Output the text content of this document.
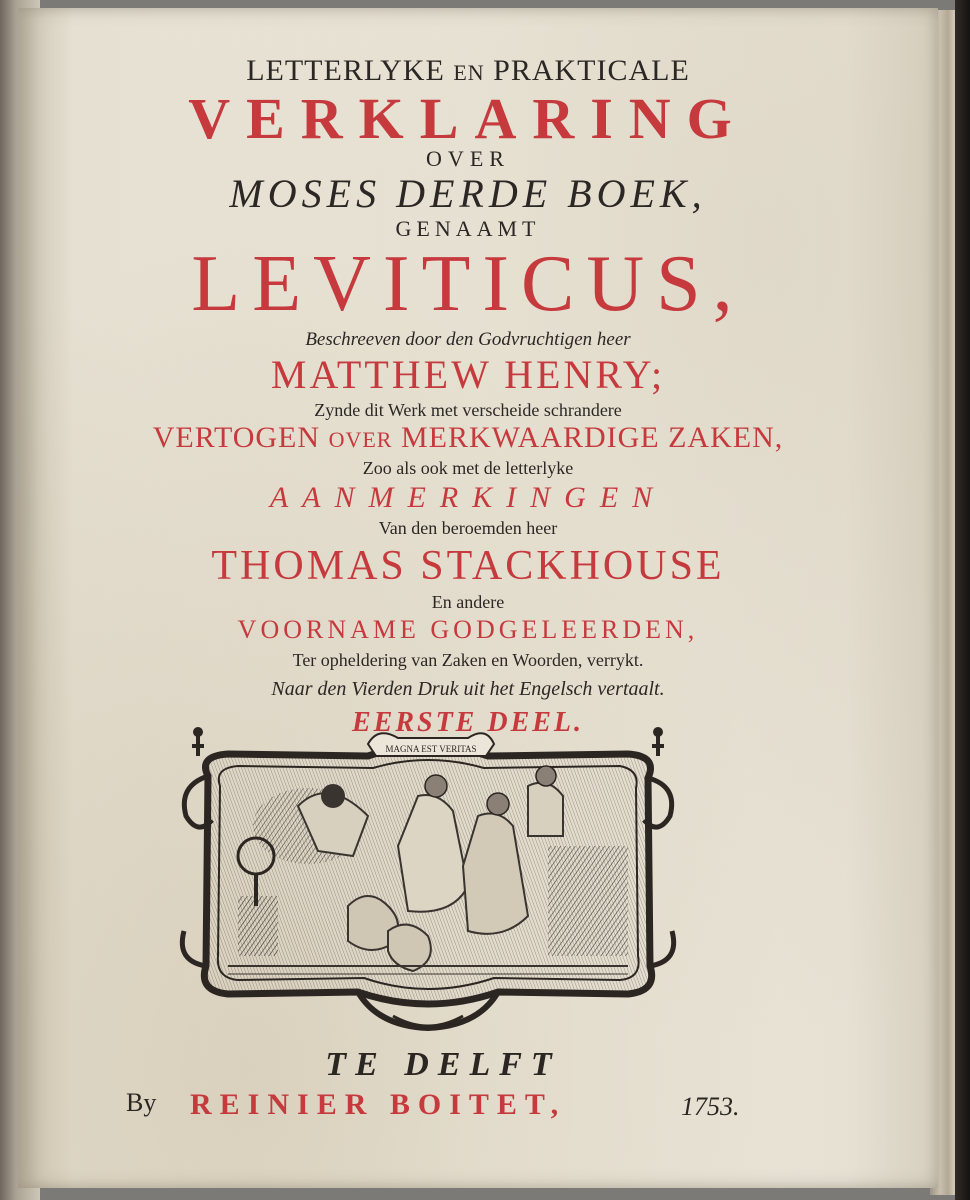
LETTERLYKE EN PRAKTICALE
VERKLARING
OVER
MOSES DERDE BOEK,
GENAAMT
LEVITICUS,
Beschreeven door den Godvruchtigen heer
MATTHEW HENRY;
Zynde dit Werk met verscheide schrandere
VERTOGEN OVER MERKWAARDIGE ZAKEN,
Zoo als ook met de letterlyke
AANMERKINGEN
Van den beroemden heer
THOMAS STACKHOUSE
En andere
VOORNAME GODGELEERDEN,
Ter opheldering van Zaken en Woorden, verrykt.
Naar den Vierden Druk uit het Engelsch vertaalt.
EERSTE DEEL.
MAGNA EST VERITAS
TE DELFT
By REINIER BOITET,	1753.
